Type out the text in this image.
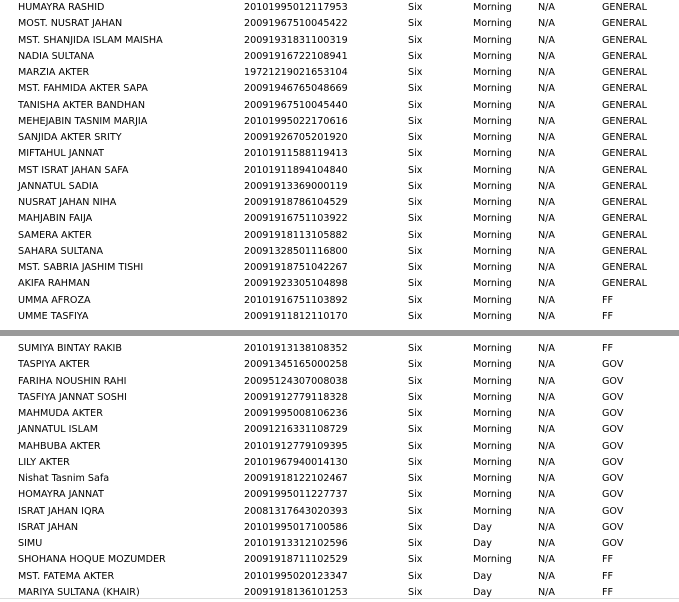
HUMAYRA RASHID	20101995012117953	Six	Morning	N/A	GENERAL
MOST. NUSRAT JAHAN	20091967510045422	Six	Morning	N/A	GENERAL
MST. SHANJIDA ISLAM MAISHA	20091931831100319	Six	Morning	N/A	GENERAL
NADIA SULTANA	20091916722108941	Six	Morning	N/A	GENERAL
MARZIA AKTER	19721219021653104	Six	Morning	N/A	GENERAL
MST. FAHMIDA AKTER SAPA	20091946765048669	Six	Morning	N/A	GENERAL
TANISHA AKTER BANDHAN	20091967510045440	Six	Morning	N/A	GENERAL
MEHEJABIN TASNIM MARJIA	20101995022170616	Six	Morning	N/A	GENERAL
SANJIDA AKTER SRITY	20091926705201920	Six	Morning	N/A	GENERAL
MIFTAHUL JANNAT	20101911588119413	Six	Morning	N/A	GENERAL
MST ISRAT JAHAN SAFA	20101911894104840	Six	Morning	N/A	GENERAL
JANNATUL SADIA	20091913369000119	Six	Morning	N/A	GENERAL
NUSRAT JAHAN NIHA	20091918786104529	Six	Morning	N/A	GENERAL
MAHJABIN FAIJA	20091916751103922	Six	Morning	N/A	GENERAL
SAMERA AKTER	20091918113105882	Six	Morning	N/A	GENERAL
SAHARA SULTANA	20091328501116800	Six	Morning	N/A	GENERAL
MST. SABRIA JASHIM TISHI	20091918751042267	Six	Morning	N/A	GENERAL
AKIFA RAHMAN	20091923305104898	Six	Morning	N/A	GENERAL
UMMA AFROZA	20101916751103892	Six	Morning	N/A	FF
UMME TASFIYA	20091911812110170	Six	Morning	N/A	FF
SUMIYA BINTAY RAKIB	20101913138108352	Six	Morning	N/A	FF
TASPIYA AKTER	20091345165000258	Six	Morning	N/A	GOV
FARIHA NOUSHIN RAHI	20095124307008038	Six	Morning	N/A	GOV
TASFIYA JANNAT SOSHI	20091912779118328	Six	Morning	N/A	GOV
MAHMUDA AKTER	20091995008106236	Six	Morning	N/A	GOV
JANNATUL ISLAM	20091216331108729	Six	Morning	N/A	GOV
MAHBUBA AKTER	20101912779109395	Six	Morning	N/A	GOV
LILY AKTER	20101967940014130	Six	Morning	N/A	GOV
Nishat Tasnim Safa	20091918122102467	Six	Morning	N/A	GOV
HOMAYRA JANNAT	20091995011227737	Six	Morning	N/A	GOV
ISRAT JAHAN IQRA	20081317643020393	Six	Morning	N/A	GOV
ISRAT JAHAN	20101995017100586	Six	Day	N/A	GOV
SIMU	20101913312102596	Six	Day	N/A	GOV
SHOHANA HOQUE MOZUMDER	20091918711102529	Six	Morning	N/A	FF
MST. FATEMA AKTER	20101995020123347	Six	Day	N/A	FF
MARIYA SULTANA (KHAIR)	20091918136101253	Six	Day	N/A	FF
